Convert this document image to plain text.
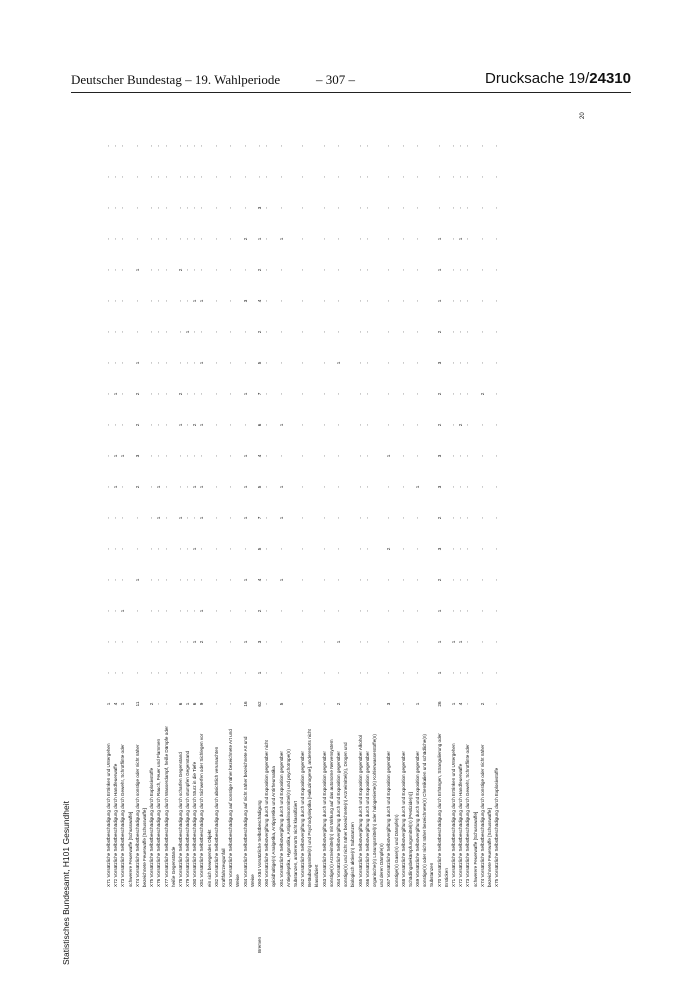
Deutscher Bundestag – 19. Wahlperiode	– 307 –	Drucksache 19/24310
Statistisches Bundesamt, H101 Gesundheit
20
X71 Vorsätzliche Selbstbeschädigung durch Ertrinken und Untergehen
1
-
-
-
-
-
-
-
-
-
-
-
-
-
-
-
-
-
-
X72 Vorsätzliche Selbstbeschädigung durch Handfeuerwaffe
4
-
-
-
-
-
-
1
1
-
1
-
-
-
-
-
-
-
-
X73 Vorsätzliche Selbstbeschädigung durch Gewehr, Schrotflinte oder
1
-
-
1
-
-
-
-
1
-
-
-
-
-
-
-
-
-
-
schwerere Feuerwaffe [Schusswaffe] X74 Vorsätzliche Selbstbeschädigung durch sonstige oder nicht näher
11
-
-
-
1
-
-
2
3
2
2
1
-
-
1
-
-
-
-
bezeichnete Feuerwaffe [Schusswaffe] X75 Vorsätzliche Selbstbeschädigung durch Explosivstoffe
2
-
-
-
-
-
-
-
-
-
-
-
-
-
-
-
-
-
-
X76 Vorsätzliche Selbstbeschädigung durch Rauch, Feuer und Flammen
-
-
-
-
-
-
1
1
-
-
-
-
-
-
-
-
-
-
-
X77 Vorsätzliche Selbstbeschädigung durch Wasserdampf, heiße Dämpfe oder
-
-
-
-
-
-
-
-
-
-
-
-
-
-
-
-
-
-
-
heiße Gegenstände X78 Vorsätzliche Selbstbeschädigung durch scharfen Gegenstand
6
-
-
-
-
-
1
-
-
1
2
-
-
-
2
-
-
-
-
X79 Vorsätzliche Selbstbeschädigung durch stumpfen Gegenstand
1
-
-
-
-
-
-
-
-
-
-
-
1
-
-
-
-
-
-
X80 Vorsätzliche Selbstbeschädigung durch Sturz in die Tiefe
6
-
1
-
-
1
-
1
-
2
-
-
-
1
-
-
-
-
-
X81 Vorsätzliche Selbstbeschädigung durch Sichwerfen oder Sichlegen vor
9
-
2
1
-
-
1
1
-
1
-
1
-
1
-
-
-
-
-
ein sich bewegendes Objekt X82 Vorsätzliche Selbstbeschädigung durch absichtlich verursachten
-
-
-
-
-
-
-
-
-
-
-
-
-
-
-
-
-
-
-
Kraftfahrzeugunfall X83 Vorsätzliche Selbstbeschädigung auf sonstige näher bezeichnete Art und
-
-
-
-
-
-
-
-
-
-
-
-
-
-
-
-
-
-
-
Weise X84 Vorsätzliche Selbstbeschädigung auf nicht näher bezeichnete Art und
16
-
1
-
1
-
1
1
1
-
1
-
-
3
-
2
-
-
-
Weise
Bremen
X60-X84 Vorsätzliche Selbstbeschädigung
62
1
3
2
4
5
7
5
4
6
7
5
2
4
2
1
3
-
-
X60 Vorsätzliche Selbstvergiftung durch und Exposition gegenüber nicht
-
-
-
-
-
-
-
-
-
-
-
-
-
-
-
-
-
-
-
opioidhaltige(n) Analgetika, Antipyretika und Antirheumatika X61 Vorsätzliche Selbstvergiftung durch und Exposition gegenüber
5
-
-
-
1
-
1
1
-
1
-
-
-
-
-
1
-
-
-
Antiepileptika, Hypnotika, Antiparkinsonmittel(n) und psychotrope(n) Substanzen, anderenorts nicht klassifiziert X62 Vorsätzliche Selbstvergiftung durch und Exposition gegenüber
-
-
-
-
-
-
-
-
-
-
-
-
-
-
-
-
-
-
-
Betäubungsmittel(n) und Psychodysleptika [Halluzinogene], anderenorts nicht klassifiziert X63 Vorsätzliche Selbstvergiftung durch und Exposition gegenüber
-
-
-
-
-
-
-
-
-
-
-
-
-
-
-
-
-
-
-
sonstige(n) Arzneimittel(n) mit Wirkung auf das autonome Nervensystem X64 Vorsätzliche Selbstvergiftung durch und Exposition gegenüber
2
-
1
-
-
-
-
-
-
-
-
1
-
-
-
-
-
-
-
sonstige(n) und nicht näher bezeichnete(n) Arzneimittel(n), Drogen und biologisch aktive(n) Substanzen X65 Vorsätzliche Selbstvergiftung durch und Exposition gegenüber Alkohol
-
-
-
-
-
-
-
-
-
-
-
-
-
-
-
-
-
-
-
X66 Vorsätzliche Selbstvergiftung durch und Exposition gegenüber
-
-
-
-
-
-
-
-
-
-
-
-
-
-
-
-
-
-
-
organische(n) Lösungsmittel(n) oder halogenierte(n) Kohlenwasserstoffe(n) und deren Dämpfe(n) X67 Vorsätzliche Selbstvergiftung durch und Exposition gegenüber
3
-
-
-
-
2
-
-
1
-
-
-
-
-
-
-
-
-
-
sonstige(n) Gase(n) und Dämpfe(n) X68 Vorsätzliche Selbstvergiftung durch und Exposition gegenüber
-
-
-
-
-
-
-
-
-
-
-
-
-
-
-
-
-
-
-
Schädlingsbekämpfungsmittel(n) [Pestizide(n)] X69 Vorsätzliche Selbstvergiftung durch und Exposition gegenüber
1
-
-
-
-
-
-
1
-
-
-
-
-
-
-
-
-
-
-
sonstige(n) oder nicht näher bezeichnete(n) Chemikalien und schädliche(n) Substanzen X70 Vorsätzliche Selbstbeschädigung durch Erhängen, Strangulierung oder
26
1
1
1
2
3
2
3
3
2
2
3
2
1
1
1
-
-
-
Ersticken X71 Vorsätzliche Selbstbeschädigung durch Ertrinken und Untergehen
1
-
1
-
-
-
-
-
-
-
-
-
-
-
-
-
-
-
-
X72 Vorsätzliche Selbstbeschädigung durch Handfeuerwaffe
4
-
1
-
-
-
-
-
-
2
-
-
-
-
-
1
-
-
-
X73 Vorsätzliche Selbstbeschädigung durch Gewehr, Schrotflinte oder
-
-
-
-
-
-
-
-
-
-
-
-
-
-
-
-
-
-
-
schwerere Feuerwaffe [Schusswaffe] X74 Vorsätzliche Selbstbeschädigung durch sonstige oder nicht näher
2
-
-
-
-
-
-
-
-
-
2
-
-
-
-
-
-
-
-
bezeichnete Feuerwaffe [Schusswaffe] X75 Vorsätzliche Selbstbeschädigung durch Explosivstoffe
-
-
-
-
-
-
-
-
-
-
-
-
-
-
-
-
-
-
-
